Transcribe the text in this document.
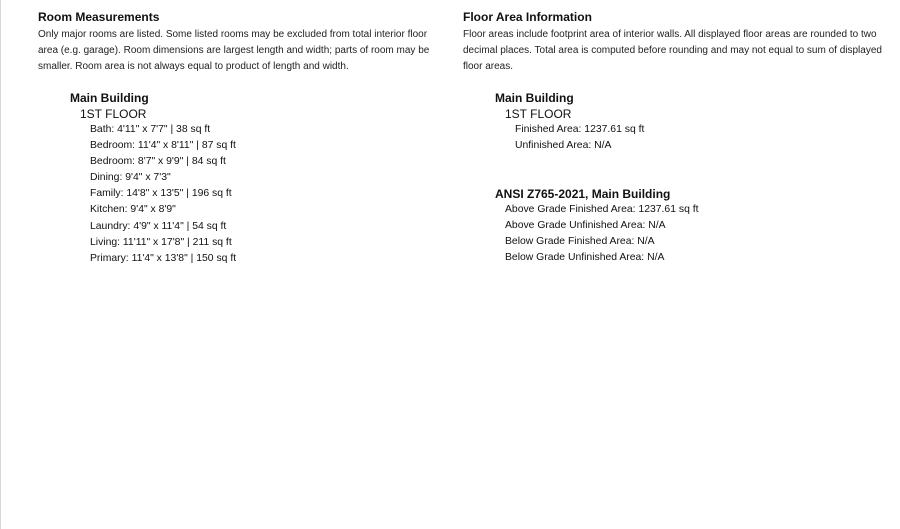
Room Measurements

Only major rooms are listed. Some listed rooms may be excluded from total interior floor area (e.g. garage). Room dimensions are largest length and width; parts of room may be smaller. Room area is not always equal to product of length and width.

Floor Area Information

Floor areas include footprint area of interior walls. All displayed floor areas are rounded to two decimal places. Total area is computed before rounding and may not equal to sum of displayed floor areas.

Main Building
1ST FLOOR
Bath: 4'11" x 7'7" | 38 sq ft
Bedroom: 11'4" x 8'11" | 87 sq ft
Bedroom: 8'7" x 9'9" | 84 sq ft
Dining: 9'4" x 7'3"
Family: 14'8" x 13'5" | 196 sq ft
Kitchen: 9'4" x 8'9"
Laundry: 4'9" x 11'4" | 54 sq ft
Living: 11'11" x 17'8" | 211 sq ft
Primary: 11'4" x 13'8" | 150 sq ft
Main Building
1ST FLOOR
Finished Area: 1237.61 sq ft
Unfinished Area: N/A
ANSI Z765-2021, Main Building
Above Grade Finished Area: 1237.61 sq ft
Above Grade Unfinished Area: N/A
Below Grade Finished Area: N/A
Below Grade Unfinished Area: N/A
